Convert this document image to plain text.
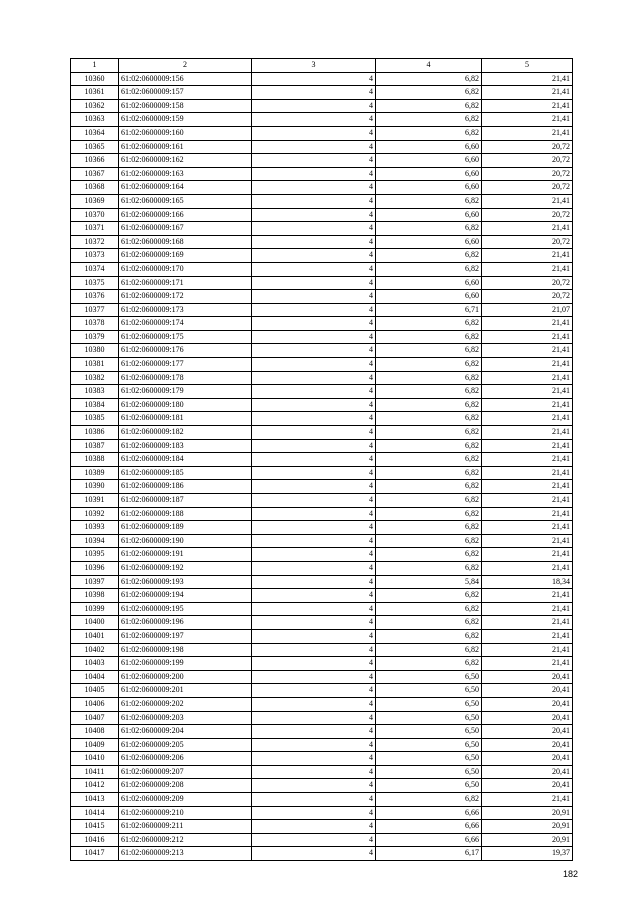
1	2	3	4	5
10360	61:02:0600009:156	4	6,82	21,41
10361	61:02:0600009:157	4	6,82	21,41
10362	61:02:0600009:158	4	6,82	21,41
10363	61:02:0600009:159	4	6,82	21,41
10364	61:02:0600009:160	4	6,82	21,41
10365	61:02:0600009:161	4	6,60	20,72
10366	61:02:0600009:162	4	6,60	20,72
10367	61:02:0600009:163	4	6,60	20,72
10368	61:02:0600009:164	4	6,60	20,72
10369	61:02:0600009:165	4	6,82	21,41
10370	61:02:0600009:166	4	6,60	20,72
10371	61:02:0600009:167	4	6,82	21,41
10372	61:02:0600009:168	4	6,60	20,72
10373	61:02:0600009:169	4	6,82	21,41
10374	61:02:0600009:170	4	6,82	21,41
10375	61:02:0600009:171	4	6,60	20,72
10376	61:02:0600009:172	4	6,60	20,72
10377	61:02:0600009:173	4	6,71	21,07
10378	61:02:0600009:174	4	6,82	21,41
10379	61:02:0600009:175	4	6,82	21,41
10380	61:02:0600009:176	4	6,82	21,41
10381	61:02:0600009:177	4	6,82	21,41
10382	61:02:0600009:178	4	6,82	21,41
10383	61:02:0600009:179	4	6,82	21,41
10384	61:02:0600009:180	4	6,82	21,41
10385	61:02:0600009:181	4	6,82	21,41
10386	61:02:0600009:182	4	6,82	21,41
10387	61:02:0600009:183	4	6,82	21,41
10388	61:02:0600009:184	4	6,82	21,41
10389	61:02:0600009:185	4	6,82	21,41
10390	61:02:0600009:186	4	6,82	21,41
10391	61:02:0600009:187	4	6,82	21,41
10392	61:02:0600009:188	4	6,82	21,41
10393	61:02:0600009:189	4	6,82	21,41
10394	61:02:0600009:190	4	6,82	21,41
10395	61:02:0600009:191	4	6,82	21,41
10396	61:02:0600009:192	4	6,82	21,41
10397	61:02:0600009:193	4	5,84	18,34
10398	61:02:0600009:194	4	6,82	21,41
10399	61:02:0600009:195	4	6,82	21,41
10400	61:02:0600009:196	4	6,82	21,41
10401	61:02:0600009:197	4	6,82	21,41
10402	61:02:0600009:198	4	6,82	21,41
10403	61:02:0600009:199	4	6,82	21,41
10404	61:02:0600009:200	4	6,50	20,41
10405	61:02:0600009:201	4	6,50	20,41
10406	61:02:0600009:202	4	6,50	20,41
10407	61:02:0600009:203	4	6,50	20,41
10408	61:02:0600009:204	4	6,50	20,41
10409	61:02:0600009:205	4	6,50	20,41
10410	61:02:0600009:206	4	6,50	20,41
10411	61:02:0600009:207	4	6,50	20,41
10412	61:02:0600009:208	4	6,50	20,41
10413	61:02:0600009:209	4	6,82	21,41
10414	61:02:0600009:210	4	6,66	20,91
10415	61:02:0600009:211	4	6,66	20,91
10416	61:02:0600009:212	4	6,66	20,91
10417	61:02:0600009:213	4	6,17	19,37
182
